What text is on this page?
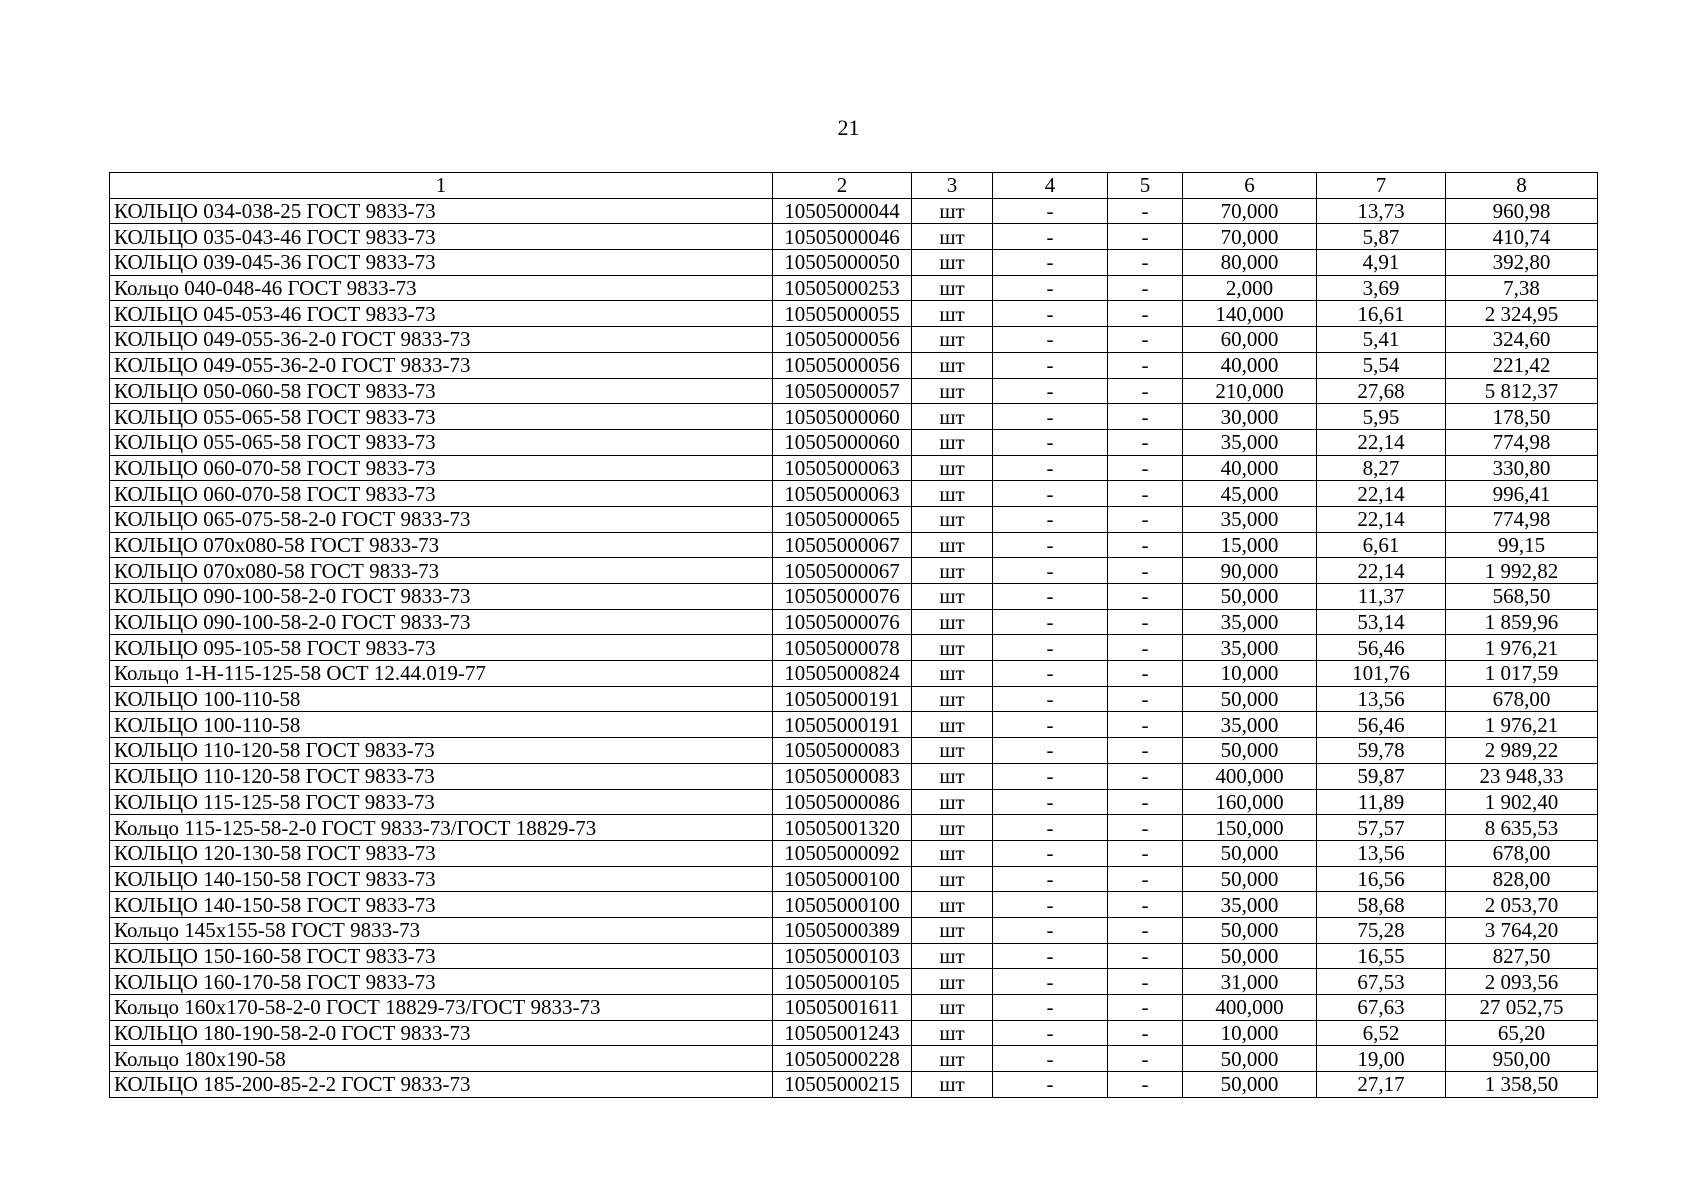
21
1	2	3	4	5	6	7	8
КОЛЬЦО 034-038-25 ГОСТ 9833-73	10505000044	шт	-	-	70,000	13,73	960,98
КОЛЬЦО 035-043-46 ГОСТ 9833-73	10505000046	шт	-	-	70,000	5,87	410,74
КОЛЬЦО 039-045-36 ГОСТ 9833-73	10505000050	шт	-	-	80,000	4,91	392,80
Кольцо 040-048-46 ГОСТ 9833-73	10505000253	шт	-	-	2,000	3,69	7,38
КОЛЬЦО 045-053-46 ГОСТ 9833-73	10505000055	шт	-	-	140,000	16,61	2 324,95
КОЛЬЦО 049-055-36-2-0 ГОСТ 9833-73	10505000056	шт	-	-	60,000	5,41	324,60
КОЛЬЦО 049-055-36-2-0 ГОСТ 9833-73	10505000056	шт	-	-	40,000	5,54	221,42
КОЛЬЦО 050-060-58 ГОСТ 9833-73	10505000057	шт	-	-	210,000	27,68	5 812,37
КОЛЬЦО 055-065-58 ГОСТ 9833-73	10505000060	шт	-	-	30,000	5,95	178,50
КОЛЬЦО 055-065-58 ГОСТ 9833-73	10505000060	шт	-	-	35,000	22,14	774,98
КОЛЬЦО 060-070-58 ГОСТ 9833-73	10505000063	шт	-	-	40,000	8,27	330,80
КОЛЬЦО 060-070-58 ГОСТ 9833-73	10505000063	шт	-	-	45,000	22,14	996,41
КОЛЬЦО 065-075-58-2-0 ГОСТ 9833-73	10505000065	шт	-	-	35,000	22,14	774,98
КОЛЬЦО 070х080-58 ГОСТ 9833-73	10505000067	шт	-	-	15,000	6,61	99,15
КОЛЬЦО 070х080-58 ГОСТ 9833-73	10505000067	шт	-	-	90,000	22,14	1 992,82
КОЛЬЦО 090-100-58-2-0 ГОСТ 9833-73	10505000076	шт	-	-	50,000	11,37	568,50
КОЛЬЦО 090-100-58-2-0 ГОСТ 9833-73	10505000076	шт	-	-	35,000	53,14	1 859,96
КОЛЬЦО 095-105-58 ГОСТ 9833-73	10505000078	шт	-	-	35,000	56,46	1 976,21
Кольцо 1-Н-115-125-58 ОСТ 12.44.019-77	10505000824	шт	-	-	10,000	101,76	1 017,59
КОЛЬЦО 100-110-58	10505000191	шт	-	-	50,000	13,56	678,00
КОЛЬЦО 100-110-58	10505000191	шт	-	-	35,000	56,46	1 976,21
КОЛЬЦО 110-120-58 ГОСТ 9833-73	10505000083	шт	-	-	50,000	59,78	2 989,22
КОЛЬЦО 110-120-58 ГОСТ 9833-73	10505000083	шт	-	-	400,000	59,87	23 948,33
КОЛЬЦО 115-125-58 ГОСТ 9833-73	10505000086	шт	-	-	160,000	11,89	1 902,40
Кольцо 115-125-58-2-0 ГОСТ 9833-73/ГОСТ 18829-73	10505001320	шт	-	-	150,000	57,57	8 635,53
КОЛЬЦО 120-130-58 ГОСТ 9833-73	10505000092	шт	-	-	50,000	13,56	678,00
КОЛЬЦО 140-150-58 ГОСТ 9833-73	10505000100	шт	-	-	50,000	16,56	828,00
КОЛЬЦО 140-150-58 ГОСТ 9833-73	10505000100	шт	-	-	35,000	58,68	2 053,70
Кольцо 145х155-58 ГОСТ 9833-73	10505000389	шт	-	-	50,000	75,28	3 764,20
КОЛЬЦО 150-160-58 ГОСТ 9833-73	10505000103	шт	-	-	50,000	16,55	827,50
КОЛЬЦО 160-170-58 ГОСТ 9833-73	10505000105	шт	-	-	31,000	67,53	2 093,56
Кольцо 160х170-58-2-0 ГОСТ 18829-73/ГОСТ 9833-73	10505001611	шт	-	-	400,000	67,63	27 052,75
КОЛЬЦО 180-190-58-2-0 ГОСТ 9833-73	10505001243	шт	-	-	10,000	6,52	65,20
Кольцо 180х190-58	10505000228	шт	-	-	50,000	19,00	950,00
КОЛЬЦО 185-200-85-2-2 ГОСТ 9833-73	10505000215	шт	-	-	50,000	27,17	1 358,50
